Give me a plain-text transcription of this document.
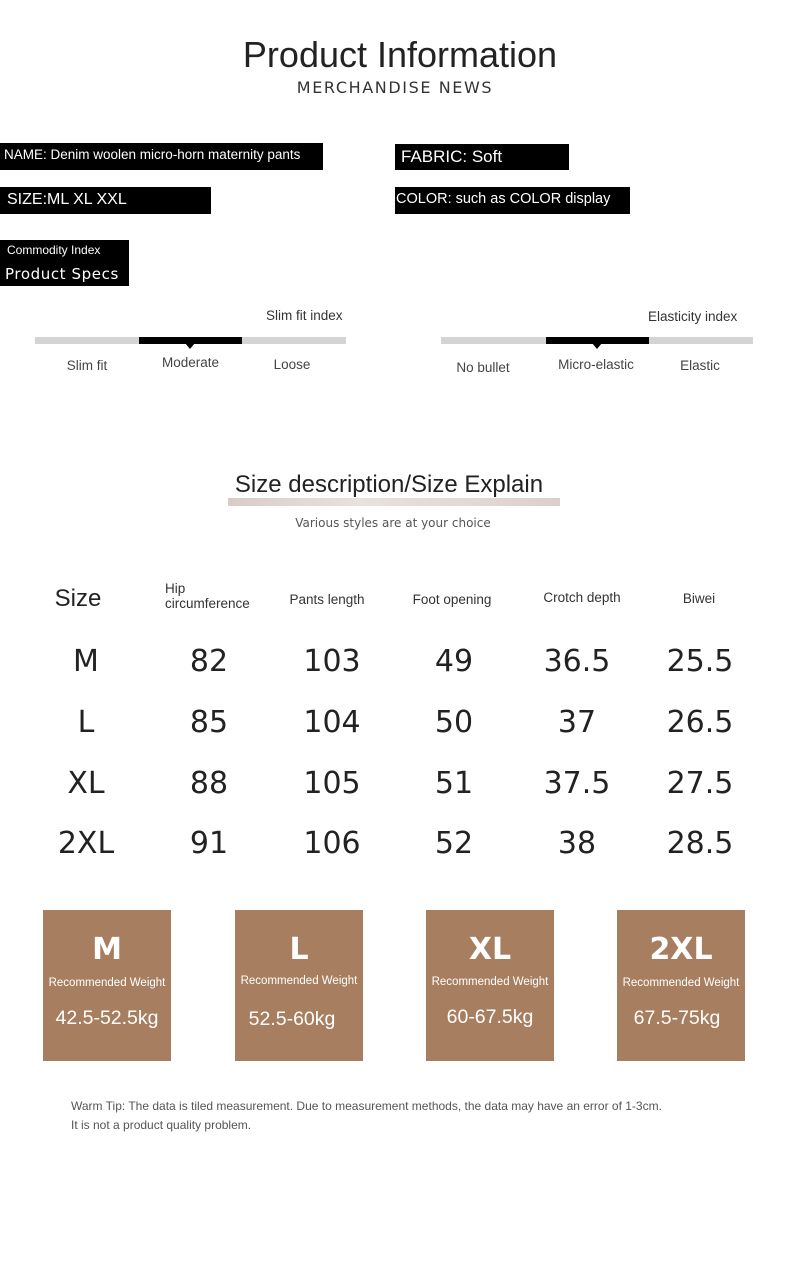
Product Information
MERCHANDISE NEWS
NAME: Denim woolen micro-horn maternity pants	FABRIC: Soft
SIZE:ML XL XXL	COLOR: such as COLOR display
Commodity Index
Product Specs
Slim fit index
Slim fit	Moderate	Loose
Elasticity index
No bullet	Micro-elastic	Elastic
Size description/Size Explain
Various styles are at your choice
Size	Hip circumference	Pants length	Foot opening	Crotch depth	Biwei
M	82	103	49	36.5	25.5
L	85	104	50	37	26.5
XL	88	105	51	37.5	27.5
2XL	91	106	52	38	28.5
M
Recommended Weight
42.5-52.5kg
L
Recommended Weight
52.5-60kg
XL
Recommended Weight
60-67.5kg
2XL
Recommended Weight
67.5-75kg
Warm Tip: The data is tiled measurement. Due to measurement methods, the data may have an error of 1-3cm.
It is not a product quality problem.
